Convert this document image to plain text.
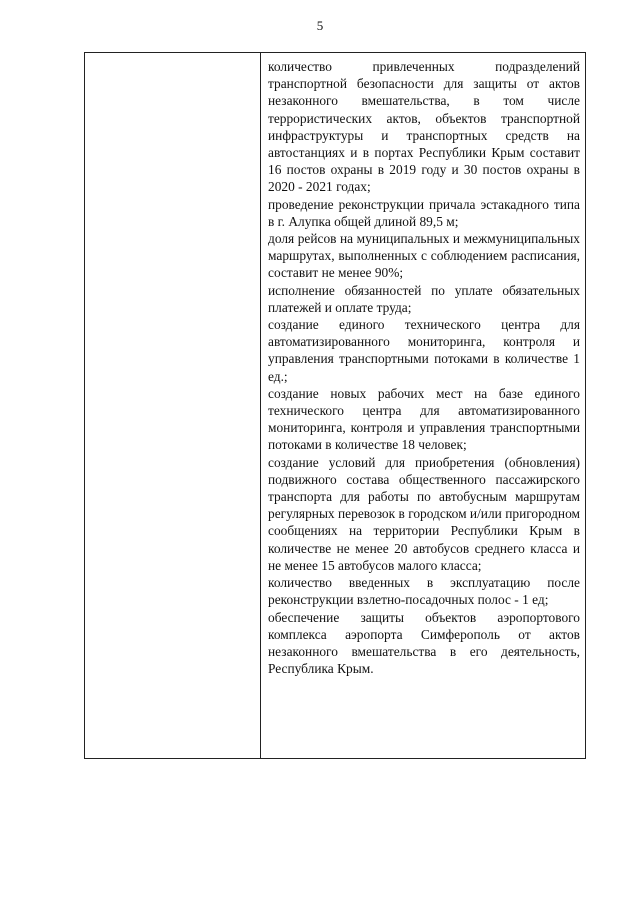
5

количество привлеченных подразделений транспортной безопасности для защиты от актов незаконного вмешательства, в том числе террористических актов, объектов транспортной инфраструктуры и транспортных средств на автостанциях и в портах Республики Крым составит 16 постов охраны в 2019 году и 30 постов охраны в 2020 - 2021 годах;

проведение реконструкции причала эстакадного типа в г. Алупка общей длиной 89,5 м;

доля рейсов на муниципальных и межмуниципальных маршрутах, выполненных с соблюдением расписания, составит не менее 90%;

исполнение обязанностей по уплате обязательных платежей и оплате труда;

создание единого технического центра для автоматизированного мониторинга, контроля и управления транспортными потоками в количестве 1 ед.;

создание новых рабочих мест на базе единого технического центра для автоматизированного мониторинга, контроля и управления транспортными потоками в количестве 18 человек;

создание условий для приобретения (обновления) подвижного состава общественного пассажирского транспорта для работы по автобусным маршрутам регулярных перевозок в городском и/или пригородном сообщениях на территории Республики Крым в количестве не менее 20 автобусов среднего класса и не менее 15 автобусов малого класса;

количество введенных в эксплуатацию после реконструкции взлетно-посадочных полос - 1 ед;

обеспечение защиты объектов аэропортового комплекса аэропорта Симферополь от актов незаконного вмешательства в его деятельность, Республика Крым.
